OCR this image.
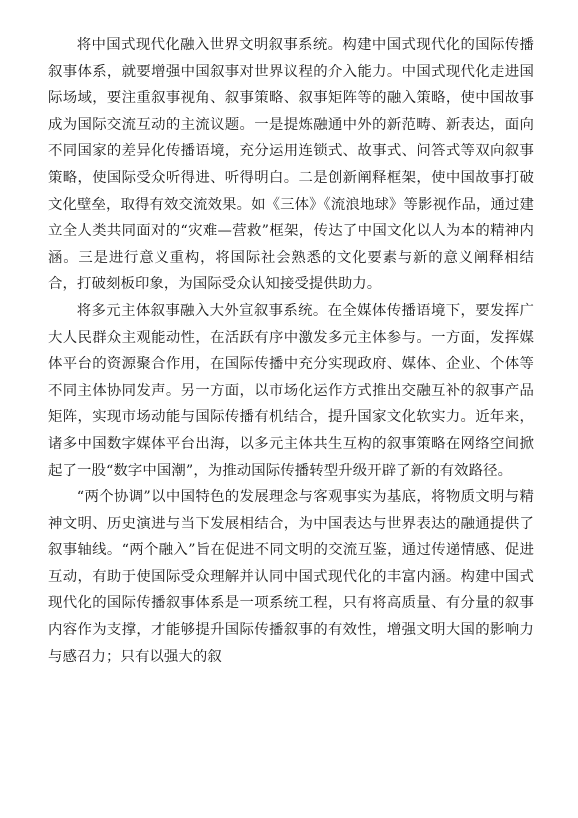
将中国式现代化融入世界文明叙事系统。构建中国式现代化的国际传播叙事体系，就要增强中国叙事对世界议程的介入能力。中国式现代化走进国际场域，要注重叙事视角、叙事策略、叙事矩阵等的融入策略，使中国故事成为国际交流互动的主流议题。一是提炼融通中外的新范畴、新表达，面向不同国家的差异化传播语境，充分运用连锁式、故事式、问答式等双向叙事策略，使国际受众听得进、听得明白。二是创新阐释框架，使中国故事打破文化壁垒，取得有效交流效果。如《三体》《流浪地球》等影视作品，通过建立全人类共同面对的“灾难—营救”框架，传达了中国文化以人为本的精神内涵。三是进行意义重构，将国际社会熟悉的文化要素与新的意义阐释相结合，打破刻板印象，为国际受众认知接受提供助力。

将多元主体叙事融入大外宣叙事系统。在全媒体传播语境下，要发挥广大人民群众主观能动性，在活跃有序中激发多元主体参与。一方面，发挥媒体平台的资源聚合作用，在国际传播中充分实现政府、媒体、企业、个体等不同主体协同发声。另一方面，以市场化运作方式推出交融互补的叙事产品矩阵，实现市场动能与国际传播有机结合，提升国家文化软实力。近年来，诸多中国数字媒体平台出海，以多元主体共生互构的叙事策略在网络空间掀起了一股“数字中国潮”，为推动国际传播转型升级开辟了新的有效路径。

“两个协调”以中国特色的发展理念与客观事实为基底，将物质文明与精神文明、历史演进与当下发展相结合，为中国表达与世界表达的融通提供了叙事轴线。“两个融入”旨在促进不同文明的交流互鉴，通过传递情感、促进互动，有助于使国际受众理解并认同中国式现代化的丰富内涵。构建中国式现代化的国际传播叙事体系是一项系统工程，只有将高质量、有分量的叙事内容作为支撑，才能够提升国际传播叙事的有效性，增强文明大国的影响力与感召力；只有以强大的叙
